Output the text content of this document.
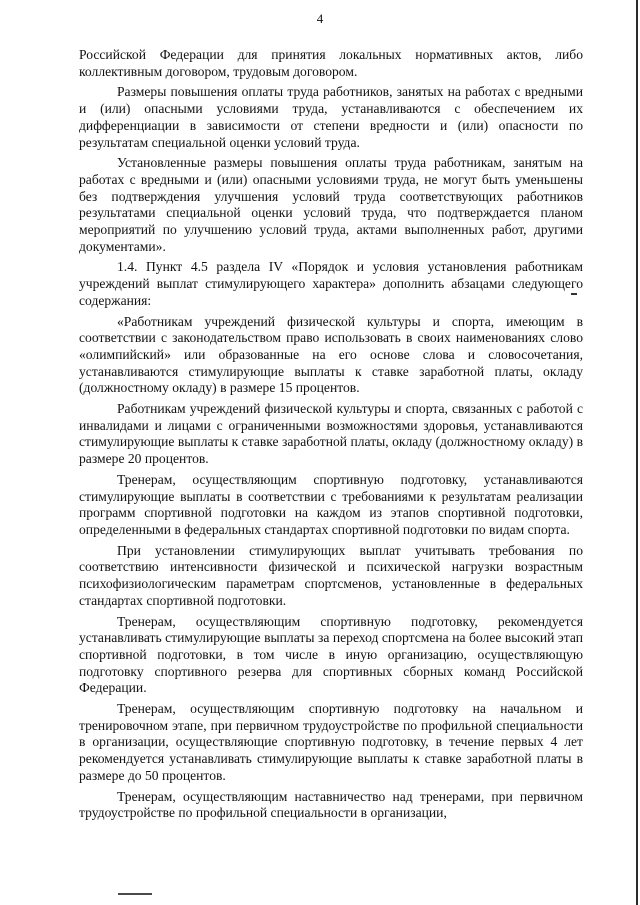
4

Российской Федерации для принятия локальных нормативных актов, либо коллективным договором, трудовым договором.

Размеры повышения оплаты труда работников, занятых на работах с вредными и (или) опасными условиями труда, устанавливаются с обеспечением их дифференциации в зависимости от степени вредности и (или) опасности по результатам специальной оценки условий труда.

Установленные размеры повышения оплаты труда работникам, занятым на работах с вредными и (или) опасными условиями труда, не могут быть уменьшены без подтверждения улучшения условий труда соответствующих работников результатами специальной оценки условий труда, что подтверждается планом мероприятий по улучшению условий труда, актами выполненных работ, другими документами».

1.4. Пункт 4.5 раздела IV «Порядок и условия установления работникам учреждений выплат стимулирующего характера» дополнить абзацами следующего содержания:

«Работникам учреждений физической культуры и спорта, имеющим в соответствии с законодательством право использовать в своих наименованиях слово «олимпийский» или образованные на его основе слова и словосочетания, устанавливаются стимулирующие выплаты к ставке заработной платы, окладу (должностному окладу) в размере 15 процентов.

Работникам учреждений физической культуры и спорта, связанных с работой с инвалидами и лицами с ограниченными возможностями здоровья, устанавливаются стимулирующие выплаты к ставке заработной платы, окладу (должностному окладу) в размере 20 процентов.

Тренерам, осуществляющим спортивную подготовку, устанавливаются стимулирующие выплаты в соответствии с требованиями к результатам реализации программ спортивной подготовки на каждом из этапов спортивной подготовки, определенными в федеральных стандартах спортивной подготовки по видам спорта.

При установлении стимулирующих выплат учитывать требования по соответствию интенсивности физической и психической нагрузки возрастным психофизиологическим параметрам спортсменов, установленные в федеральных стандартах спортивной подготовки.

Тренерам, осуществляющим спортивную подготовку, рекомендуется устанавливать стимулирующие выплаты за переход спортсмена на более высокий этап спортивной подготовки, в том числе в иную организацию, осуществляющую подготовку спортивного резерва для спортивных сборных команд Российской Федерации.

Тренерам, осуществляющим спортивную подготовку на начальном и тренировочном этапе, при первичном трудоустройстве по профильной специальности в организации, осуществляющие спортивную подготовку, в течение первых 4 лет рекомендуется устанавливать стимулирующие выплаты к ставке заработной платы в размере до 50 процентов.

Тренерам, осуществляющим наставничество над тренерами, при первичном трудоустройстве по профильной специальности в организации,
